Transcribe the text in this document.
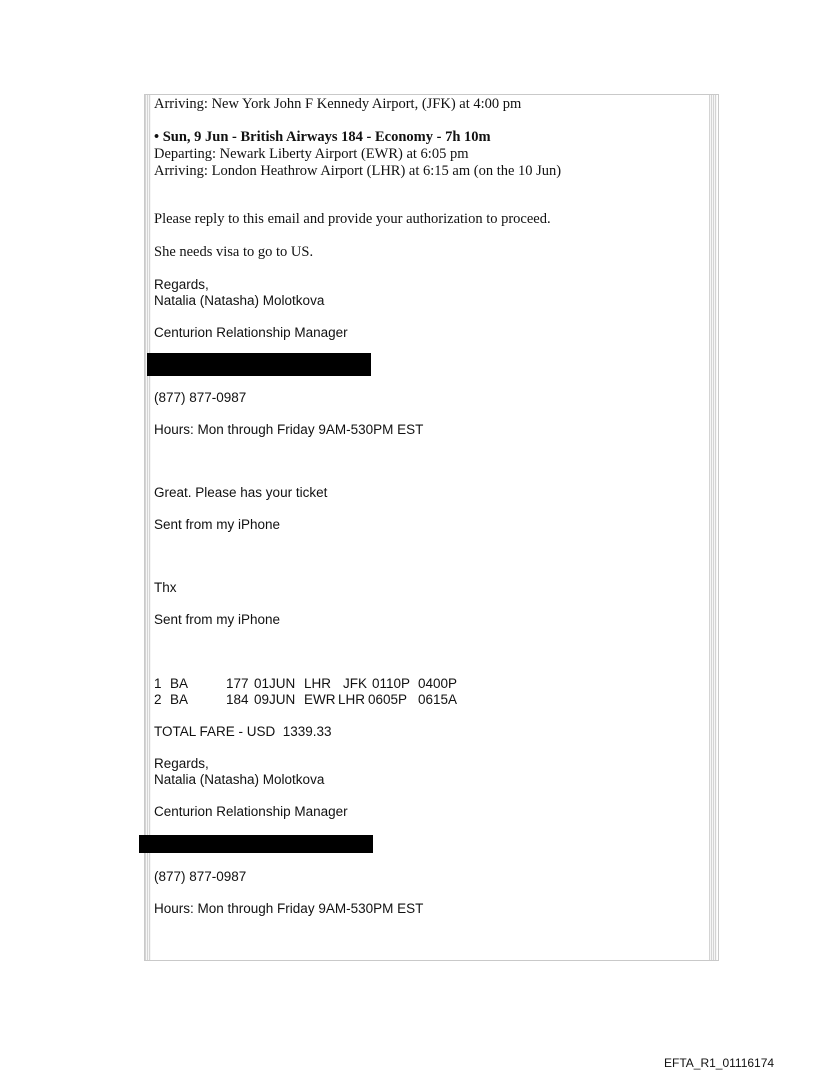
Arriving: New York John F Kennedy Airport, (JFK) at 4:00 pm

• Sun, 9 Jun - British Airways 184 - Economy - 7h 10m

Departing: Newark Liberty Airport (EWR) at 6:05 pm

Arriving: London Heathrow Airport (LHR) at 6:15 am (on the 10 Jun)

Please reply to this email and provide your authorization to proceed.

She needs visa to go to US.

Regards,

Natalia (Natasha) Molotkova

Centurion Relationship Manager

(877) 877-0987

Hours: Mon through Friday 9AM-530PM EST

Great. Please has your ticket

Sent from my iPhone

Thx

Sent from my iPhone

1 BA	177 01JUN LHR JFK 0110P 0400P
2 BA	184 09JUN EWR LHR 0605P 0615A

TOTAL FARE - USD  1339.33

Regards,

Natalia (Natasha) Molotkova

Centurion Relationship Manager

(877) 877-0987

Hours: Mon through Friday 9AM-530PM EST

EFTA_R1_01116174
